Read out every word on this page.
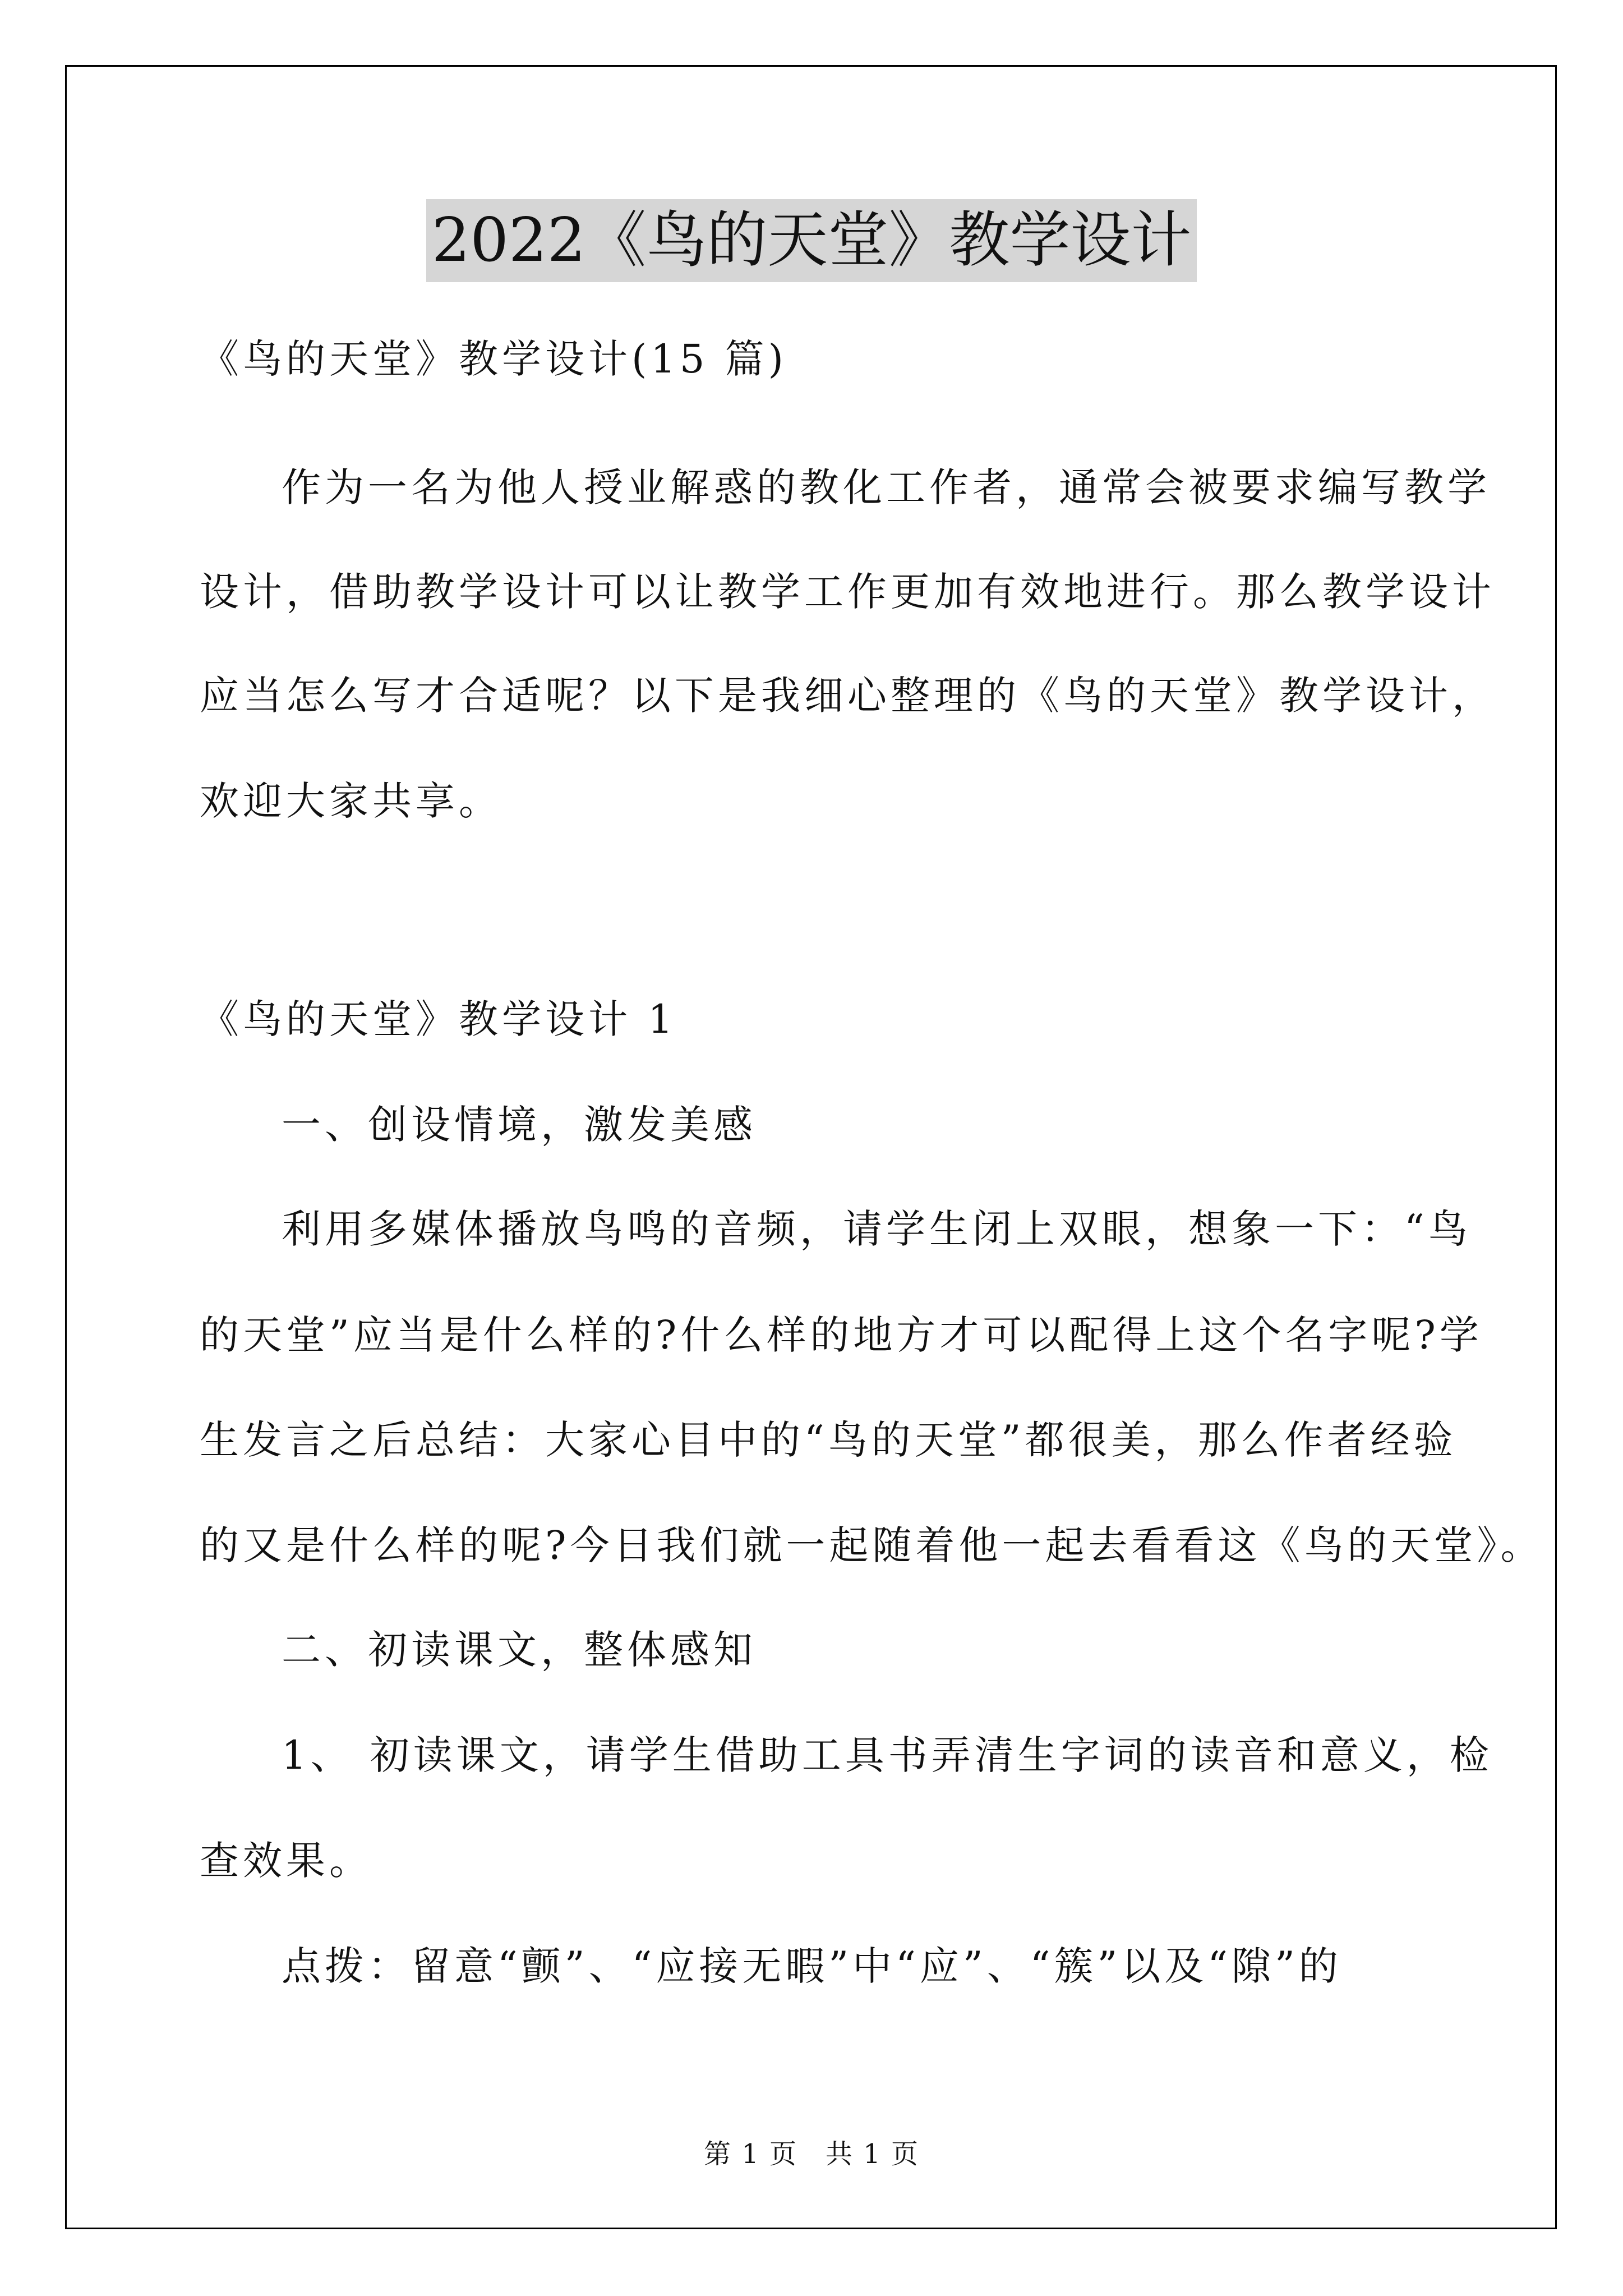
2022《鸟的天堂》教学设计
《鸟的天堂》教学设计(15 篇)
作为一名为他人授业解惑的教化工作者，通常会被要求编写教学
设计，借助教学设计可以让教学工作更加有效地进行。那么教学设计
应当怎么写才合适呢？以下是我细心整理的《鸟的天堂》教学设计，
欢迎大家共享。
《鸟的天堂》教学设计 1
一、创设情境，激发美感
利用多媒体播放鸟鸣的音频，请学生闭上双眼，想象一下：“鸟
的天堂”应当是什么样的?什么样的地方才可以配得上这个名字呢?学
生发言之后总结：大家心目中的“鸟的天堂”都很美，那么作者经验
的又是什么样的呢?今日我们就一起随着他一起去看看这《鸟的天堂》。
二、初读课文，整体感知
1、 初读课文，请学生借助工具书弄清生字词的读音和意义，检
查效果。
点拨：留意“颤”、“应接无暇”中“应”、“簇”以及“隙”的
第 1 页　共 1 页
